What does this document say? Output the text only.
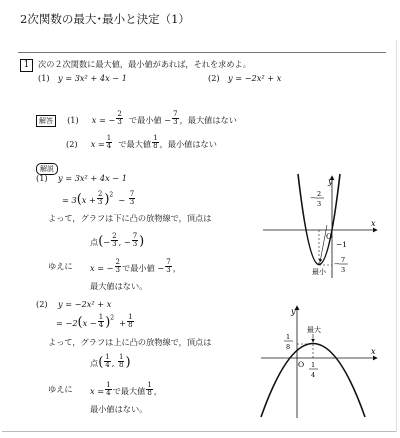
2次関数の最大･最小と決定（1）
1	次の２次関数に最大値，最小値があれば，それを求めよ。
(1) y = 3x² + 4x − 1	(2) y = −2x² + x
解答 (1) x = − $\frac{2}{3}$ で最小値 − $\frac{7}{3}$ ，最大値はない
(2) $x = \frac{1}{4}$ で最大値 $\frac{1}{8}$ ，最小値はない
解説
(1) y = 3x² + 4x − 1
= $3(x + \frac{2}{3} )^2 - \frac{7}{3}$
よって，グラフは下に凸の放物線で，頂点は
点(− $\frac{2}{3}$ , − $\frac{7}{3}$ )
ゆえに x = − $\frac{2}{3}$ で最小値 − $\frac{7}{3}$ ，
最大値はない。
(2) y = −2x² + x
= $-2(x - \frac{1}{4} )^2 + \frac{1}{8}$
よって，グラフは上に凸の放物線で，頂点は
点( $\frac{1}{4}$ , $\frac{1}{8}$ )
ゆえに $x = \frac{1}{4}$ で最大値 $\frac{1}{8}$ ，
最小値はない。
y
x
O
−1
− 2
3
− 7
3
最小
y
x
O
1
8
1
4
最大
